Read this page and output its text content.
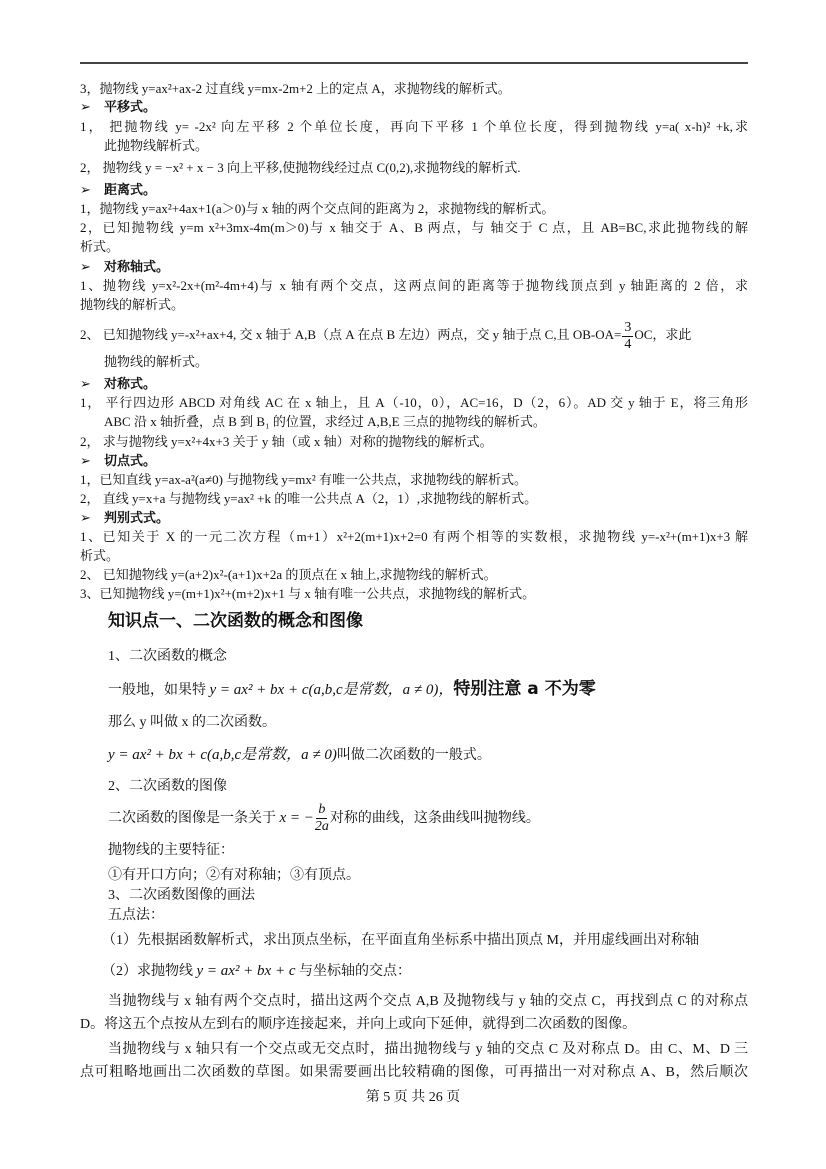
3，抛物线 y=ax²+ax-2 过直线 y=mx-2m+2 上的定点 A，求抛物线的解析式。
➢ 平移式。
1， 把抛物线 y= -2x² 向左平移 2 个单位长度，再向下平移 1 个单位长度，得到抛物线 y=a( x-h)² +k,求
此抛物线解析式。
2， 抛物线 y = −x² + x − 3 向上平移,使抛物线经过点 C(0,2),求抛物线的解析式.
➢ 距离式。
1，抛物线 y=ax²+4ax+1(a＞0)与 x 轴的两个交点间的距离为 2，求抛物线的解析式。
2，已知抛物线 y=m x²+3mx-4m(m＞0)与 x 轴交于 A、B 两点，与 轴交于 C 点，且 AB=BC,求此抛物线的解
析式。
➢ 对称轴式。
1、抛物线 y=x²-2x+(m²-4m+4)与 x 轴有两个交点，这两点间的距离等于抛物线顶点到 y 轴距离的 2 倍，求
抛物线的解析式。
2、 已知抛物线 y=-x²+ax+4, 交 x 轴于 A,B（点 A 在点 B 左边）两点，交 y 轴于点 C,且 $OB-OA= \frac{3}{4}$ OC，求此
抛物线的解析式。
➢ 对称式。
1， 平行四边形 ABCD 对角线 AC 在 x 轴上，且 A（-10，0），AC=16，D（2，6）。AD 交 y 轴于 E，将三角形
ABC 沿 x 轴折叠，点 B 到 B₁ 的位置，求经过 A,B,E 三点的抛物线的解析式。
2， 求与抛物线 y=x²+4x+3 关于 y 轴（或 x 轴）对称的抛物线的解析式。
➢ 切点式。
1，已知直线 y=ax-a²(a≠0) 与抛物线 y=mx² 有唯一公共点，求抛物线的解析式。
2， 直线 y=x+a 与抛物线 y=ax² +k 的唯一公共点 A（2，1）,求抛物线的解析式。
➢ 判别式式。
1、已知关于 X 的一元二次方程（m+1）x²+2(m+1)x+2=0 有两个相等的实数根，求抛物线 y=-x²+(m+1)x+3 解
析式。
2、 已知抛物线 y=(a+2)x²-(a+1)x+2a 的顶点在 x 轴上,求抛物线的解析式。
3、已知抛物线 y=(m+1)x²+(m+2)x+1 与 x 轴有唯一公共点，求抛物线的解析式。
知识点一、二次函数的概念和图像
1、二次函数的概念
一般地，如果特 y = ax² + bx + c(a,b,c是常数，a ≠ 0)，特别注意 a 不为零
那么 y 叫做 x 的二次函数。
y = ax² + bx + c(a,b,c是常数，a ≠ 0)叫做二次函数的一般式。
2、二次函数的图像
二次函数的图像是一条关于 x = − $\frac{b}{2a}$ 对称的曲线，这条曲线叫抛物线。
抛物线的主要特征：
①有开口方向；②有对称轴；③有顶点。
3、二次函数图像的画法
五点法：
（1）先根据函数解析式，求出顶点坐标，在平面直角坐标系中描出顶点 M，并用虚线画出对称轴
（2）求抛物线 y = ax² + bx + c 与坐标轴的交点：
当抛物线与 x 轴有两个交点时，描出这两个交点 A,B 及抛物线与 y 轴的交点 C，再找到点 C 的对称点
D。将这五个点按从左到右的顺序连接起来，并向上或向下延伸，就得到二次函数的图像。
当抛物线与 x 轴只有一个交点或无交点时，描出抛物线与 y 轴的交点 C 及对称点 D。由 C、M、D 三
点可粗略地画出二次函数的草图。如果需要画出比较精确的图像，可再描出一对对称点 A、B，然后顺次
第 5 页 共 26 页
